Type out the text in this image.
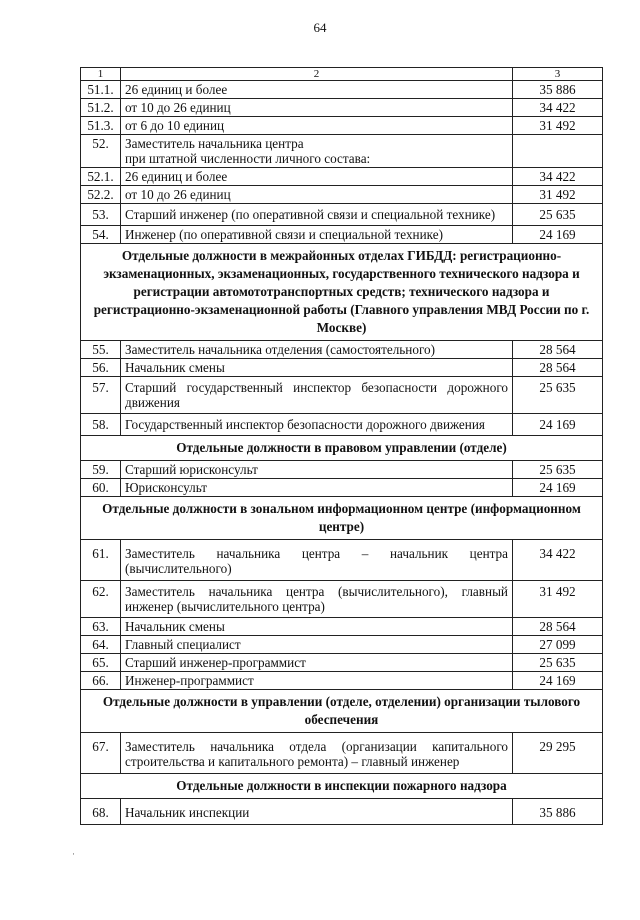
64
1	2	3
51.1.	26 единиц и более	35 886
51.2.	от 10 до 26 единиц	34 422
51.3.	от 6 до 10 единиц	31 492
52.	Заместитель начальника центра
при штатной численности личного состава:	
52.1.	26 единиц и более	34 422
52.2.	от 10 до 26 единиц	31 492
53.	Старший инженер (по оперативной связи и специальной технике)	25 635
54.	Инженер (по оперативной связи и специальной технике)	24 169
Отдельные должности в межрайонных отделах ГИБДД: регистрационно-экзаменационных, экзаменационных, государственного технического надзора и регистрации автомототранспортных средств; технического надзора и регистрационно-экзаменационной работы (Главного управления МВД России по г. Москве)		
55.	Заместитель начальника отделения (самостоятельного)	28 564
56.	Начальник смены	28 564
57.	Старший государственный инспектор безопасности дорожного движения	25 635
58.	Государственный инспектор безопасности дорожного движения	24 169
Отдельные должности в правовом управлении (отделе)		
59.	Старший юрисконсульт	25 635
60.	Юрисконсульт	24 169
Отдельные должности в зональном информационном центре (информационном центре)		
61.	Заместитель начальника центра – начальник центра (вычислительного)	34 422
62.	Заместитель начальника центра (вычислительного), главный инженер (вычислительного центра)	31 492
63.	Начальник смены	28 564
64.	Главный специалист	27 099
65.	Старший инженер-программист	25 635
66.	Инженер-программист	24 169
Отдельные должности в управлении (отделе, отделении) организации тылового обеспечения		
67.	Заместитель начальника отдела (организации капитального строительства и капитального ремонта) – главный инженер	29 295
Отдельные должности в инспекции пожарного надзора		
68.	Начальник инспекции	35 886
·
